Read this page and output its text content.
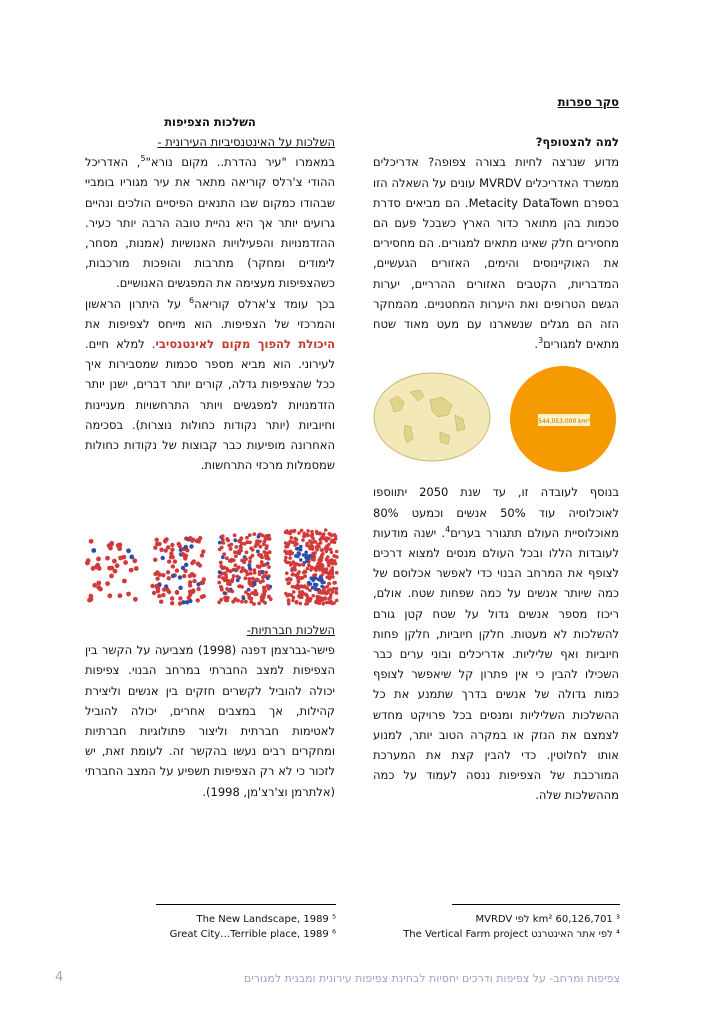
סקר ספרות

למה להצטופף?

מדוע שנרצה לחיות בצורה צפופה? אדריכלים ממשרד האדריכלים MVRDV עונים על השאלה הזו בספרם Metacity DataTown. הם מביאים סדרת סכמות בהן מתואר כדור הארץ כשבכל פעם הם מחסירים חלק שאינו מתאים למגורים. הם מחסירים את האוקיינוסים והימים, האזורים הגעשיים, המדבריות, הקטבים האזורים ההרריים, יערות הגשם הטרופים ואת היערות המחטניים. מהמחקר הזה הם מגלים שנשארנו עם מעט מאוד שטח מתאים למגורים$^3$.

בנוסף לעובדה זו, עד שנת 2050 יתווספו לאוכלוסיה עוד 50% אנשים וכמעט 80% מאוכלוסיית העולם תתגורר בערים$^4$. ישנה מודעות לעובדות הללו ובכל העולם מנסים למצוא דרכים לצופף את המרחב הבנוי כדי לאפשר אכלוסם של כמה שיותר אנשים על כמה שפחות שטח. אולם, ריכוז מספר אנשים גדול על שטח קטן גורם להשלכות לא מעטות. חלקן חיוביות, חלקן פחות חיוביות ואף שליליות. אדריכלים ובוני ערים כבר השכילו להבין כי אין פתרון קל שיאפשר לצופף כמות גדולה של אנשים בדרך שתמנע את כל ההשלכות השליליות ומנסים בכל פרויקט מחדש לצמצם את הנזק או במקרה הטוב יותר, למנוע אותו לחלוטין. כדי להבין קצת את המערכת המורכבת של הצפיפות ננסה לעמוד על כמה מההשלכות שלה.

544,053,000 km²
השלכות הצפיפות

השלכות על האינטנסיביות העירונית -

במאמרו "עיר נהדרת.. מקום נורא"$^5$, האדריכל ההודי צ'רלס קוריאה מתאר את עיר מגוריו בומביי שבהודו כמקום שבו התנאים הפיסיים הולכים ונהיים גרועים יותר אך היא נהיית טובה הרבה יותר כעיר. ההזדמנויות והפעילויות האנושיות (אמנות, מסחר, לימודים ומחקר) מתרבות והופכות מורכבות, כשהצפיפות מעצימה את המפגשים האנושיים.

בכך עומד צ'ארלס קוריאה$^6$ על היתרון הראשון והמרכזי של הצפיפות. הוא מייחס לצפיפות את היכולת להפוך מקום לאינטנסיבי. למלא חיים. לעירוני. הוא מביא מספר סכמות שמסבירות איך ככל שהצפיפות גדלה, קורים יותר דברים, ישנן יותר הזדמנויות למפגשים ויותר התרחשויות מעניינות וחיוביות (יותר נקודות כחולות נוצרות). בסכימה האחרונה מופיעות כבר קבוצות של נקודות כחולות שמסמלות מרכזי התרחשות.

השלכות חברתיות-

פישר-גברצמן דפנה (1998) מצביעה על הקשר בין הצפיפות למצב החברתי במרחב הבנוי. צפיפות יכולה להוביל לקשרים חזקים בין אנשים וליצירת קהילות, אך במצבים אחרים, יכולה להוביל לאטימות חברתית וליצור פתולוגיות חברתיות ומחקרים רבים נעשו בהקשר זה. לעומת זאת, יש לזכור כי לא רק הצפיפות תשפיע על המצב החברתי (אלתרמן וצ'רצ'מן, 1998).

³ 60,126,701 km² לפי MVRDV
⁴ לפי אתר האינטרנט The Vertical Farm project
⁵ The New Landscape, 1989
⁶ Great City…Terrible place, 1989
צפיפות ומרחב- על צפיפות ודרכים יחסיות לבחינת צפיפות עירונית ומבנית למגורים
4
